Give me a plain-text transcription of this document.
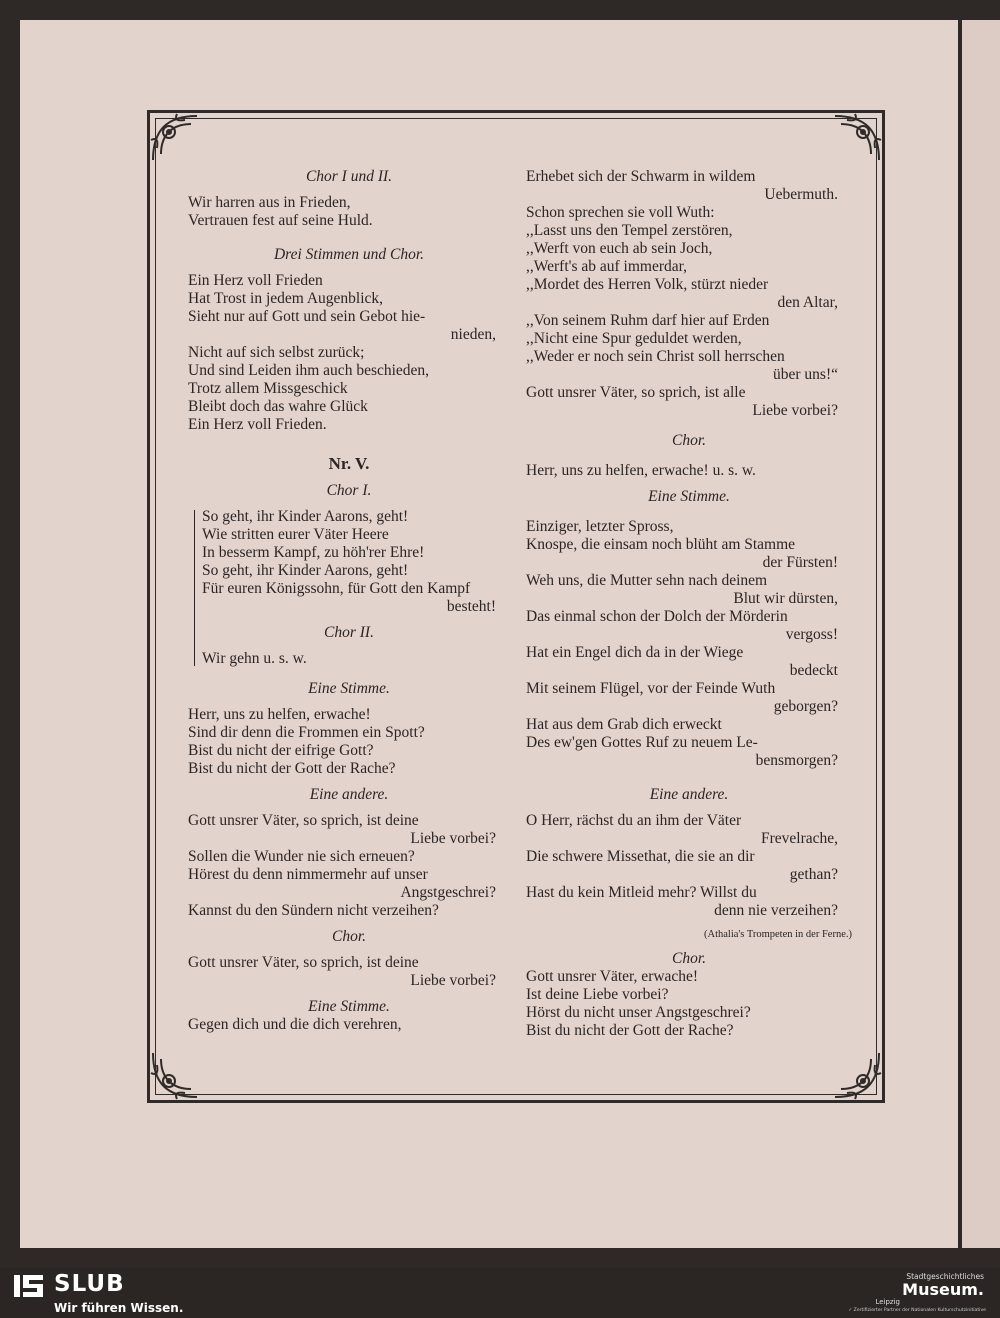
Chor I und II.
Wir harren aus in Frieden,
Vertrauen fest auf seine Huld.
Drei Stimmen und Chor.
Ein Herz voll Frieden
Hat Trost in jedem Augenblick,
Sieht nur auf Gott und sein Gebot hie-
nieden,
Nicht auf sich selbst zurück;
Und sind Leiden ihm auch beschieden,
Trotz allem Missgeschick
Bleibt doch das wahre Glück
Ein Herz voll Frieden.
Nr. V.
Chor I.
So geht, ihr Kinder Aarons, geht!
Wie stritten eurer Väter Heere
In besserm Kampf, zu höh'rer Ehre!
So geht, ihr Kinder Aarons, geht!
Für euren Königssohn, für Gott den Kampf
besteht!
Chor II.
Wir gehn u. s. w.
Eine Stimme.
Herr, uns zu helfen, erwache!
Sind dir denn die Frommen ein Spott?
Bist du nicht der eifrige Gott?
Bist du nicht der Gott der Rache?
Eine andere.
Gott unsrer Väter, so sprich, ist deine
Liebe vorbei?
Sollen die Wunder nie sich erneuen?
Hörest du denn nimmermehr auf unser
Angstgeschrei?
Kannst du den Sündern nicht verzeihen?
Chor.
Gott unsrer Väter, so sprich, ist deine
Liebe vorbei?
Eine Stimme.
Gegen dich und die dich verehren,
Erhebet sich der Schwarm in wildem
Uebermuth.
Schon sprechen sie voll Wuth:
,,Lasst uns den Tempel zerstören,
,,Werft von euch ab sein Joch,
,,Werft's ab auf immerdar,
,,Mordet des Herren Volk, stürzt nieder
den Altar,
,,Von seinem Ruhm darf hier auf Erden
,,Nicht eine Spur geduldet werden,
,,Weder er noch sein Christ soll herrschen
über uns!“
Gott unsrer Väter, so sprich, ist alle
Liebe vorbei?
Chor.
Herr, uns zu helfen, erwache! u. s. w.
Eine Stimme.
Einziger, letzter Spross,
Knospe, die einsam noch blüht am Stamme
der Fürsten!
Weh uns, die Mutter sehn nach deinem
Blut wir dürsten,
Das einmal schon der Dolch der Mörderin
vergoss!
Hat ein Engel dich da in der Wiege
bedeckt
Mit seinem Flügel, vor der Feinde Wuth
geborgen?
Hat aus dem Grab dich erweckt
Des ew'gen Gottes Ruf zu neuem Le-
bensmorgen?
Eine andere.
O Herr, rächst du an ihm der Väter
Frevelrache,
Die schwere Missethat, die sie an dir
gethan?
Hast du kein Mitleid mehr? Willst du
denn nie verzeihen?
(Athalia's Trompeten in der Ferne.)
Chor.
Gott unsrer Väter, erwache!
Ist deine Liebe vorbei?
Hörst du nicht unser Angstgeschrei?
Bist du nicht der Gott der Rache?
SLUB
Wir führen Wissen.
Stadtgeschichtliches
Museum.
Leipzig
✓ Zertifizierter Partner der Nationalen Kulturschutzinitiative
